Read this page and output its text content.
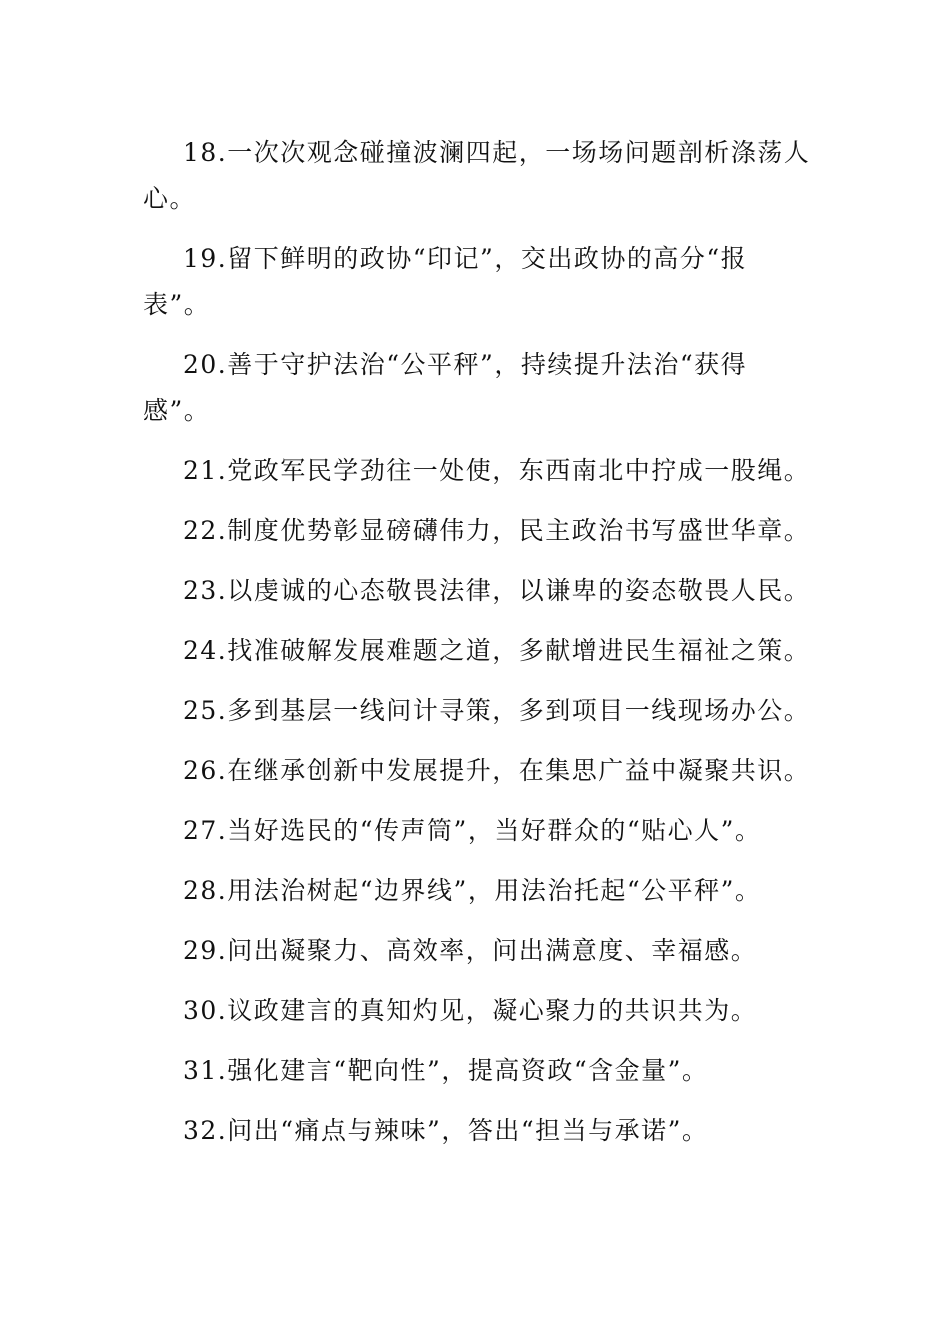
18.一次次观念碰撞波澜四起，一场场问题剖析涤荡人
心。

19.留下鲜明的政协“印记”，交出政协的高分“报
表”。

20.善于守护法治“公平秤”，持续提升法治“获得
感”。

21.党政军民学劲往一处使，东西南北中拧成一股绳。

22.制度优势彰显磅礴伟力，民主政治书写盛世华章。

23.以虔诚的心态敬畏法律，以谦卑的姿态敬畏人民。

24.找准破解发展难题之道，多献增进民生福祉之策。

25.多到基层一线问计寻策，多到项目一线现场办公。

26.在继承创新中发展提升，在集思广益中凝聚共识。

27.当好选民的“传声筒”，当好群众的“贴心人”。

28.用法治树起“边界线”，用法治托起“公平秤”。

29.问出凝聚力、高效率，问出满意度、幸福感。

30.议政建言的真知灼见，凝心聚力的共识共为。

31.强化建言“靶向性”，提高资政“含金量”。

32.问出“痛点与辣味”，答出“担当与承诺”。
